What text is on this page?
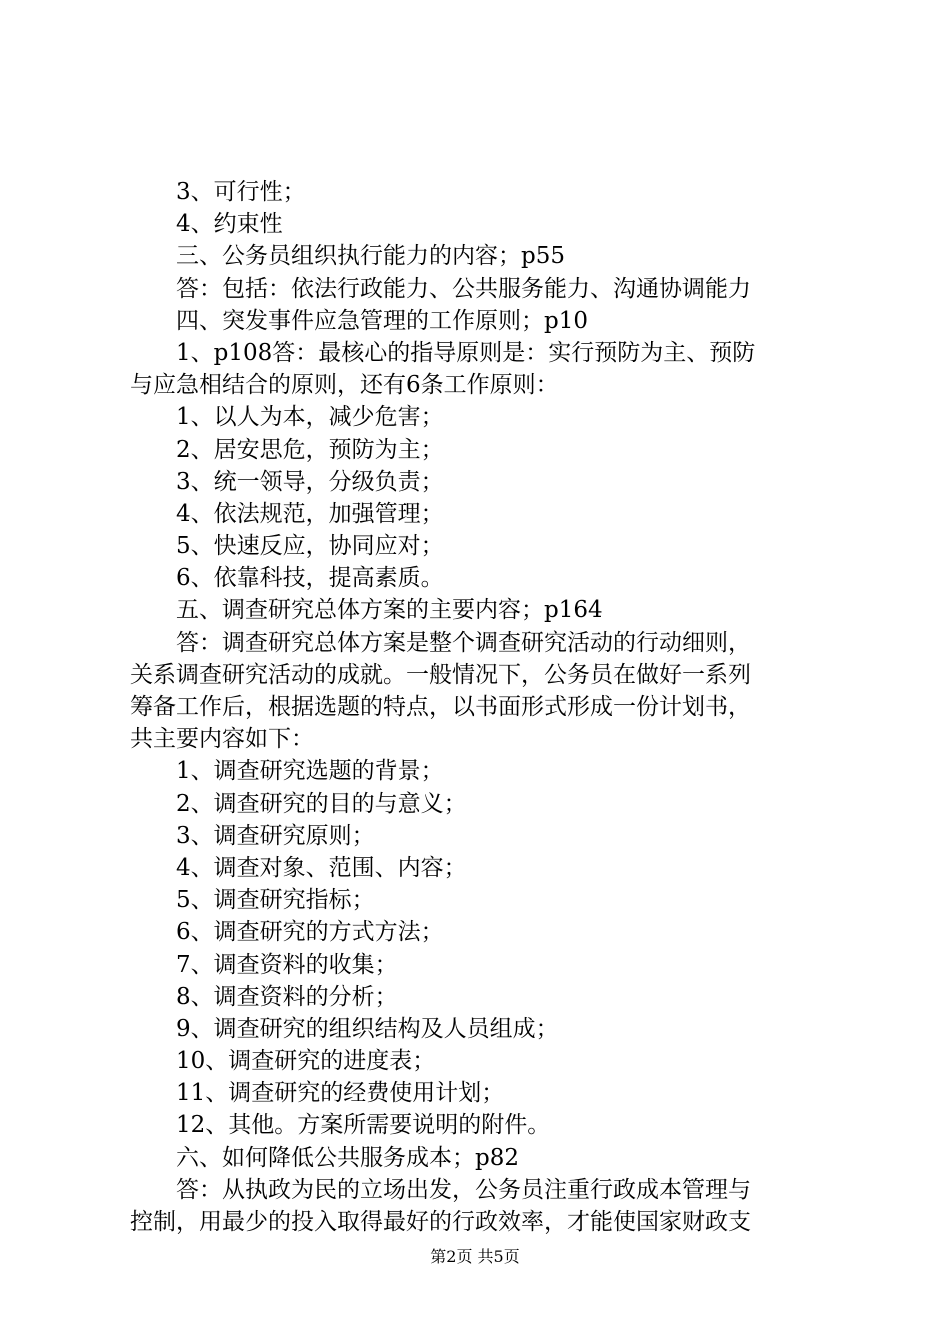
3、可行性；
4、约束性
三、公务员组织执行能力的内容；p55
答：包括：依法行政能力、公共服务能力、沟通协调能力
四、突发事件应急管理的工作原则；p10
1、p108答：最核心的指导原则是：实行预防为主、预防
与应急相结合的原则，还有6条工作原则：
1、以人为本，减少危害；
2、居安思危，预防为主；
3、统一领导，分级负责；
4、依法规范，加强管理；
5、快速反应，协同应对；
6、依靠科技，提高素质。
五、调查研究总体方案的主要内容；p164
答：调查研究总体方案是整个调查研究活动的行动细则，
关系调查研究活动的成就。一般情况下，公务员在做好一系列
筹备工作后，根据选题的特点，以书面形式形成一份计划书，
共主要内容如下：
1、调查研究选题的背景；
2、调查研究的目的与意义；
3、调查研究原则；
4、调查对象、范围、内容；
5、调查研究指标；
6、调查研究的方式方法；
7、调查资料的收集；
8、调查资料的分析；
9、调查研究的组织结构及人员组成；
10、调查研究的进度表；
11、调查研究的经费使用计划；
12、其他。方案所需要说明的附件。
六、如何降低公共服务成本；p82
答：从执政为民的立场出发，公务员注重行政成本管理与
控制，用最少的投入取得最好的行政效率，才能使国家财政支
第2页 共5页
